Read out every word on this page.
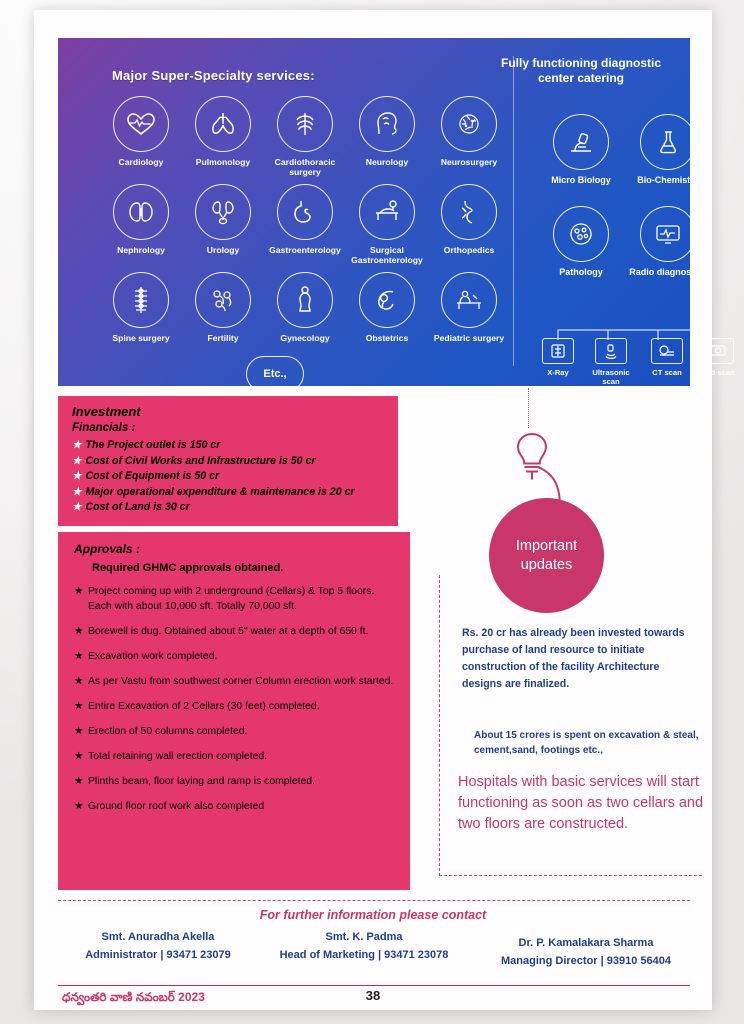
Major Super-Specialty services:
Fully functioning diagnostic center catering
Cardiology	Pulmonology	Cardiothoracic surgery
Neurology	Neurosurgery
Nephrology	Urology	Gastroenterology	Surgical Gastroenterology
Orthopedics
Spine surgery	Fertility	Gynecology	Obstetrics	Pediatric surgery
Etc.,
Micro Biology	Bio-Chemistry
Pathology	Radio diagnostics
X-Ray	Ultrasonic scan
CT scan	MRI scan
Investment
Financials :
★ The Project outlet is 150 cr
★ Cost of Civil Works and Infrastructure is 50 cr
★ Cost of Equipment is 50 cr
★ Major operational expenditure & maintenance is 20 cr
★ Cost of Land is 30 cr
Approvals :
Required GHMC approvals obtained.
★ Project coming up with 2 underground (Cellars) & Top 5 floors. Each with about 10,000 sft. Totally 70,000 sft.
★ Borewell is dug. Obtained about 5" water at a depth of 650 ft.
★ Excavation work completed.
★ As per Vastu from southwest corner Column erection work started.
★ Entire Excavation of 2 Cellars (30 feet) completed.
★ Erection of 50 columns completed.
★ Total retaining wall erection completed.
★ Plinths beam, floor laying and ramp is completed.
★ Ground floor roof work also completed
Important updates
Rs. 20 cr has already been invested towards purchase of land resource to initiate construction of the facility Architecture designs are finalized.
About 15 crores is spent on excavation & steal, cement,sand, footings etc.,
Hospitals with basic services will start functioning as soon as two cellars and two floors are constructed.
For further information please contact
Smt. Anuradha Akella
Administrator | 93471 23079
Smt. K. Padma
Head of Marketing | 93471 23078
Dr. P. Kamalakara Sharma
Managing Director | 93910 56404
ధన్వంతరి వాణి నవంబర్ 2023	38
